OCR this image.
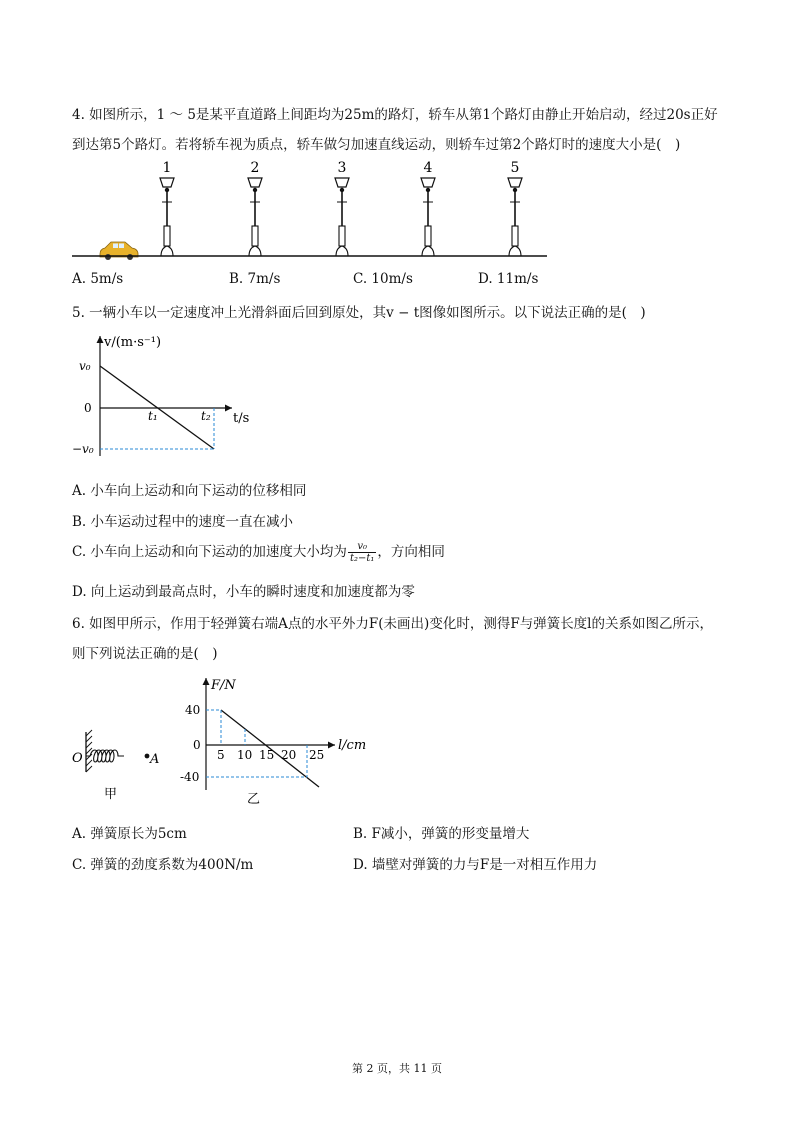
4. 如图所示，1 ～ 5是某平直道路上间距均为25m的路灯，轿车从第1个路灯由静止开始启动，经过20s正好
到达第5个路灯。若将轿车视为质点，轿车做匀加速直线运动，则轿车过第2个路灯时的速度大小是(　)
1	2	3	4	5
A. 5m/s	B. 7m/s	C. 10m/s	D. 11m/s
5. 一辆小车以一定速度冲上光滑斜面后回到原处，其v − t图像如图所示。以下说法正确的是(　)
v/(m·s⁻¹)
v₀
0
−v₀
t₁	t₂ t/s
A. 小车向上运动和向下运动的位移相同
B. 小车运动过程中的速度一直在减小
C. 小车向上运动和向下运动的加速度大小均为 $\frac{\text{v₀}}{\text{t₂−t₁}}$ ，方向相同
D. 向上运动到最高点时，小车的瞬时速度和加速度都为零
6. 如图甲所示，作用于轻弹簧右端A点的水平外力F(未画出)变化时，测得F与弹簧长度l的关系如图乙所示，
则下列说法正确的是(　)
O	A
甲
F/N
l/cm
40
0
-40
5 10 15 20 25
乙
A. 弹簧原长为5cm	B. F减小，弹簧的形变量增大
C. 弹簧的劲度系数为400N/m	D. 墙壁对弹簧的力与F是一对相互作用力
第 2 页，共 11 页
